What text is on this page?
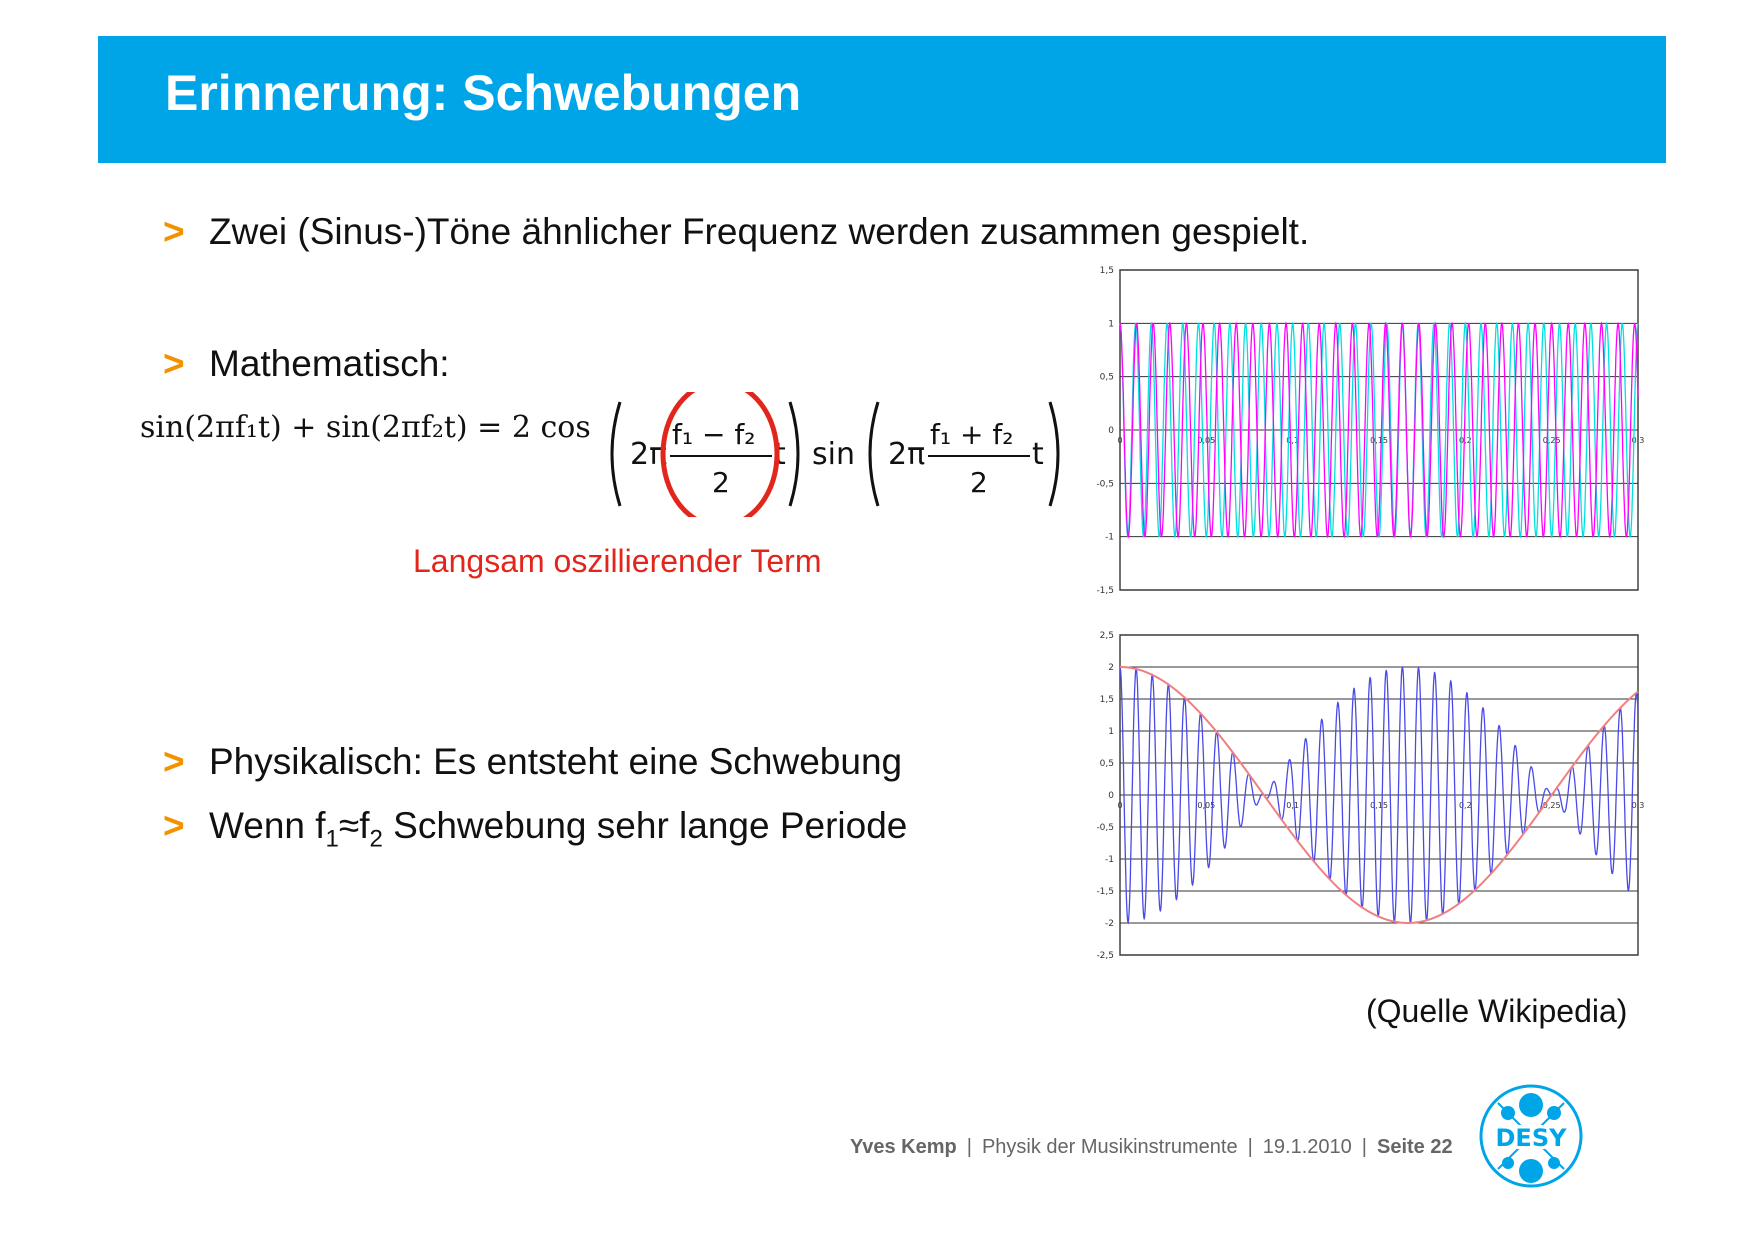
Erinnerung: Schwebungen
> Zwei (Sinus-)Töne ähnlicher Frequenz werden zusammen gespielt.
> Mathematisch:
sin(2πf₁t) + sin(2πf₂t) = 2 cos
2π
f₁ − f₂
2
t sin 2π
f₁ + f₂
2
t
Langsam oszillierender Term
> Physikalisch: Es entsteht eine Schwebung
> Wenn $f_1\approx f_2$ Schwebung sehr lange Periode
1,5
1
0,5
0
-0,5
-1
-1,5
0	0,05	0,1	0,15	0,2	0,25	0,3
2,5
2
1,5
1
0,5
0
-0,5
-1
-1,5
-2
-2,5
0	0,05	0,1	0,15	0,2	0,25	0,3
(Quelle Wikipedia)
Yves Kemp | Physik der Musikinstrumente | 19.1.2010 | Seite 22 DESY
